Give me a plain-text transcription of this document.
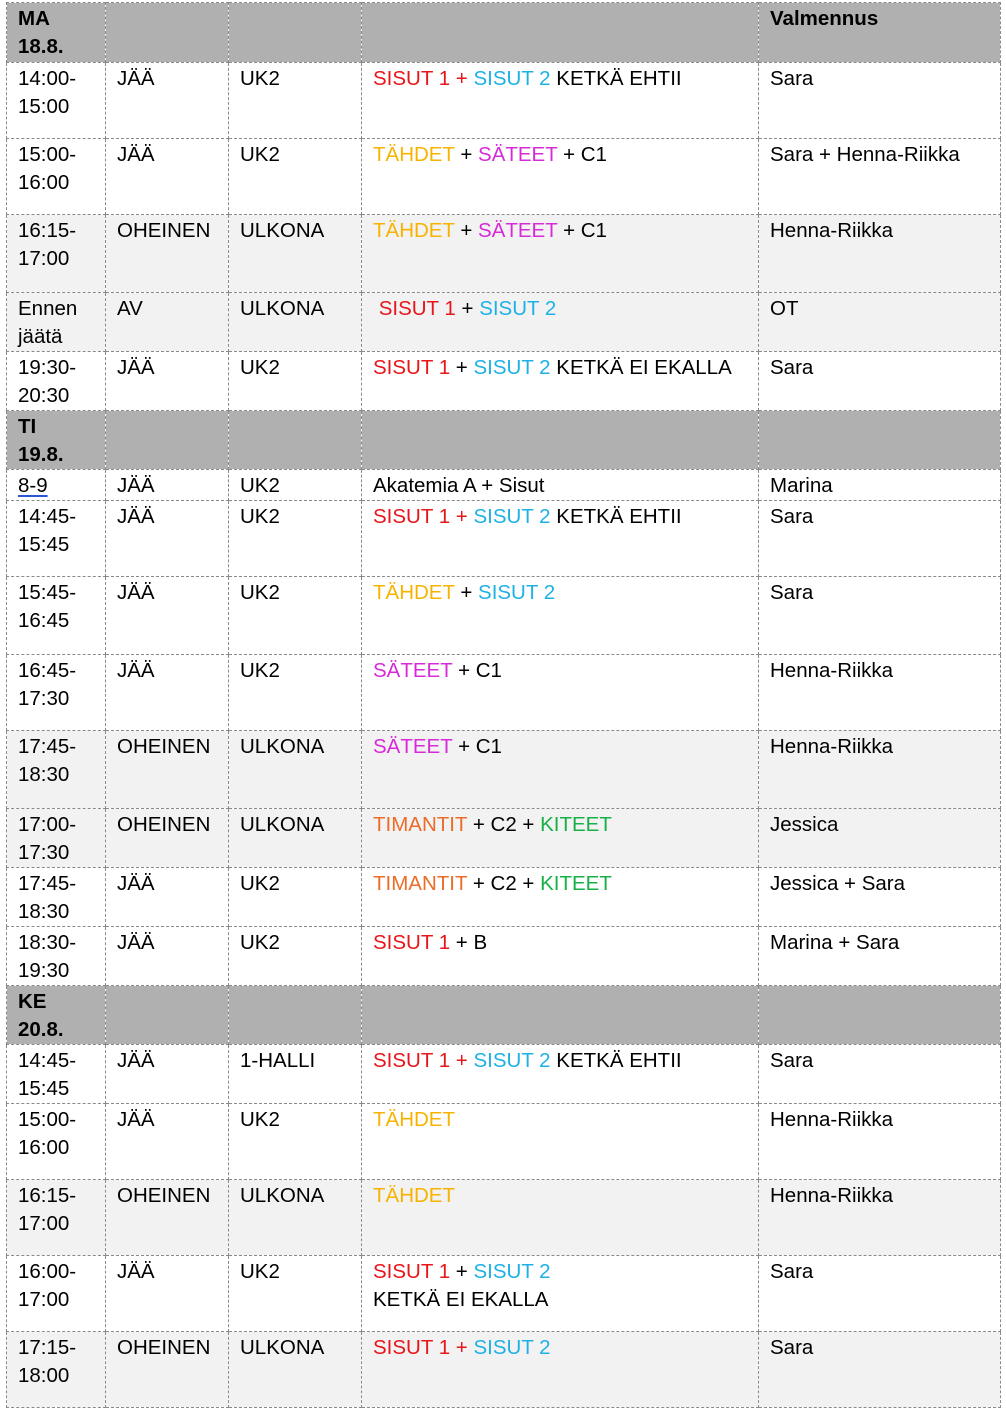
MA
18.8.				Valmennus
14:00-
15:00	JÄÄ	UK2	SISUT 1 + SISUT 2 KETKÄ EHTII	Sara
15:00-
16:00	JÄÄ	UK2	TÄHDET + SÄTEET + C1	Sara + Henna-Riikka
16:15-
17:00	OHEINEN	ULKONA	TÄHDET + SÄTEET + C1	Henna-Riikka
Ennen
jäätä	AV	ULKONA	SISUT 1 + SISUT 2	OT
19:30-
20:30	JÄÄ	UK2	SISUT 1 + SISUT 2 KETKÄ EI EKALLA	Sara
TI
19.8.				
8-9	JÄÄ	UK2	Akatemia A + Sisut	Marina
14:45-
15:45	JÄÄ	UK2	SISUT 1 + SISUT 2 KETKÄ EHTII	Sara
15:45-
16:45	JÄÄ	UK2	TÄHDET + SISUT 2	Sara
16:45-
17:30	JÄÄ	UK2	SÄTEET + C1	Henna-Riikka
17:45-
18:30	OHEINEN	ULKONA	SÄTEET + C1	Henna-Riikka
17:00-
17:30	OHEINEN	ULKONA	TIMANTIT + C2 + KITEET	Jessica
17:45-
18:30	JÄÄ	UK2	TIMANTIT + C2 + KITEET	Jessica + Sara
18:30-
19:30	JÄÄ	UK2	SISUT 1 + B	Marina + Sara
KE
20.8.				
14:45-
15:45	JÄÄ	1-HALLI	SISUT 1 + SISUT 2 KETKÄ EHTII	Sara
15:00-
16:00	JÄÄ	UK2	TÄHDET	Henna-Riikka
16:15-
17:00	OHEINEN	ULKONA	TÄHDET	Henna-Riikka
16:00-
17:00	JÄÄ	UK2	SISUT 1 + SISUT 2
KETKÄ EI EKALLA	Sara
17:15-
18:00	OHEINEN	ULKONA	SISUT 1 + SISUT 2	Sara
